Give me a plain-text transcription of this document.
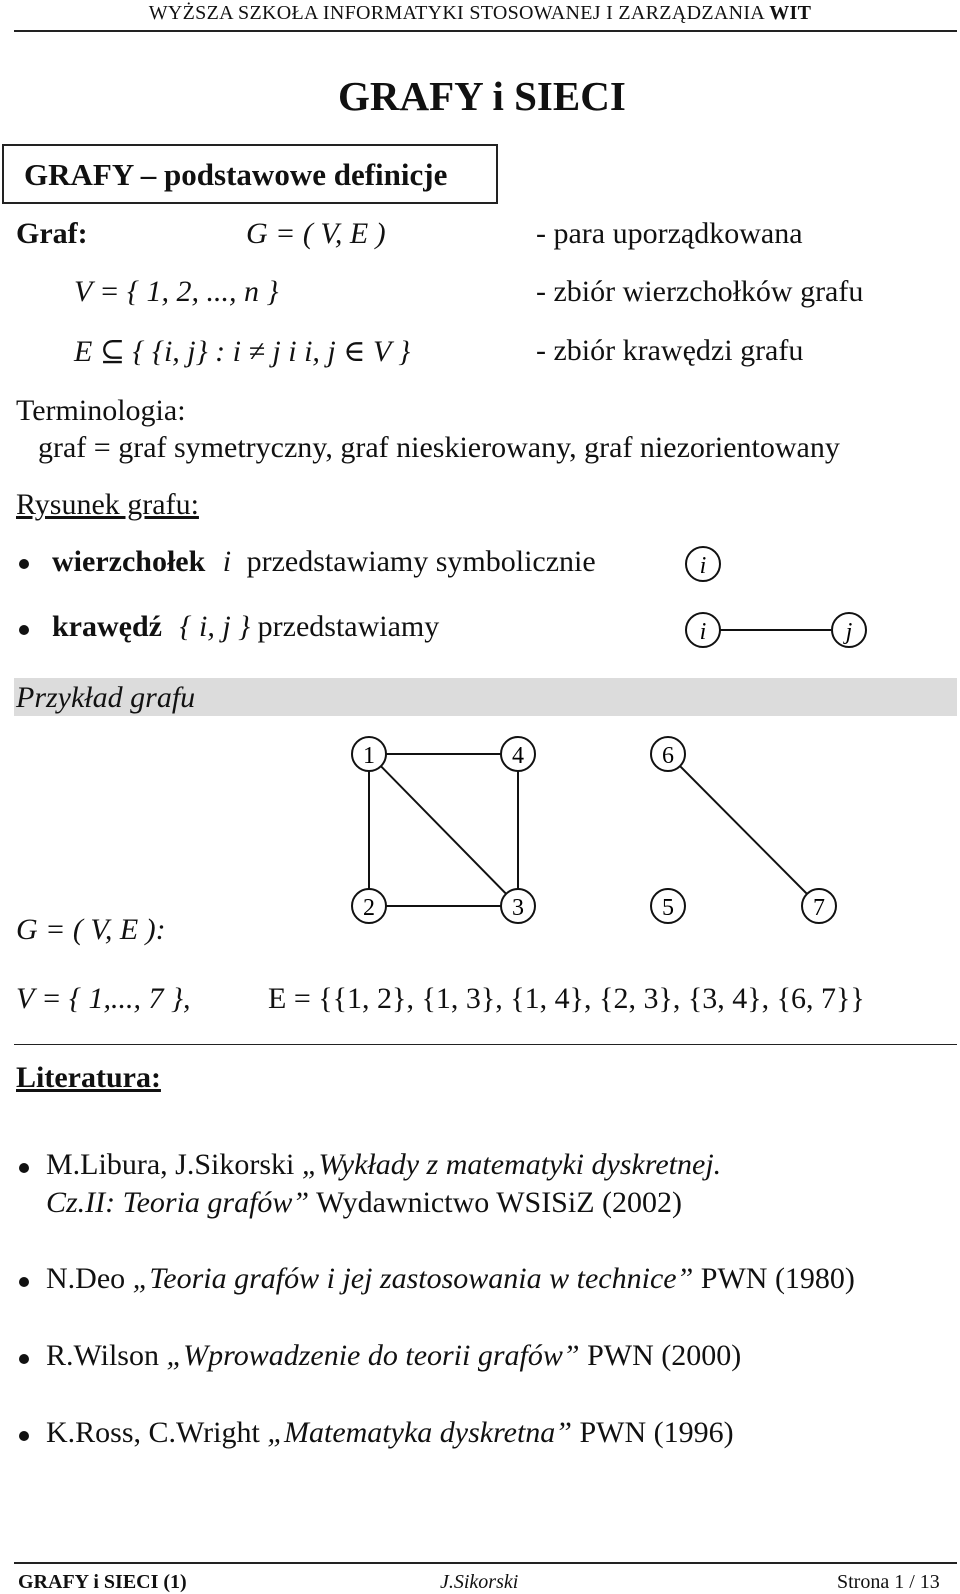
WYŻSZA SZKOŁA INFORMATYKI STOSOWANEJ I ZARZĄDZANIA WIT
GRAFY i SIECI
GRAFY – podstawowe definicje
Graf:	G = ( V, E )	- para uporządkowana
V = { 1, 2, ..., n }	- zbiór wierzchołków grafu
E ⊆ { {i, j} : i ≠ j i i, j ∈ V }	- zbiór krawędzi grafu
Terminologia:
graf = graf symetryczny, graf nieskierowany, graf niezorientowany
Rysunek grafu:
wierzchołek i przedstawiamy symbolicznie
krawędź { i, j } przedstawiamy
i
i	j
Przykład grafu
1
2	3
4
5
6
7
G = ( V, E ):
V = { 1,..., 7 },	E = {{1, 2}, {1, 3}, {1, 4}, {2, 3}, {3, 4}, {6, 7}}
Literatura:
M.Libura, J.Sikorski „Wykłady z matematyki dyskretnej.
Cz.II: Teoria grafów” Wydawnictwo WSISiZ (2002)
N.Deo „Teoria grafów i jej zastosowania w technice” PWN (1980)
R.Wilson „Wprowadzenie do teorii grafów” PWN (2000)
K.Ross, C.Wright „Matematyka dyskretna” PWN (1996)
GRAFY i SIECI (1)	J.Sikorski	Strona 1 / 13
